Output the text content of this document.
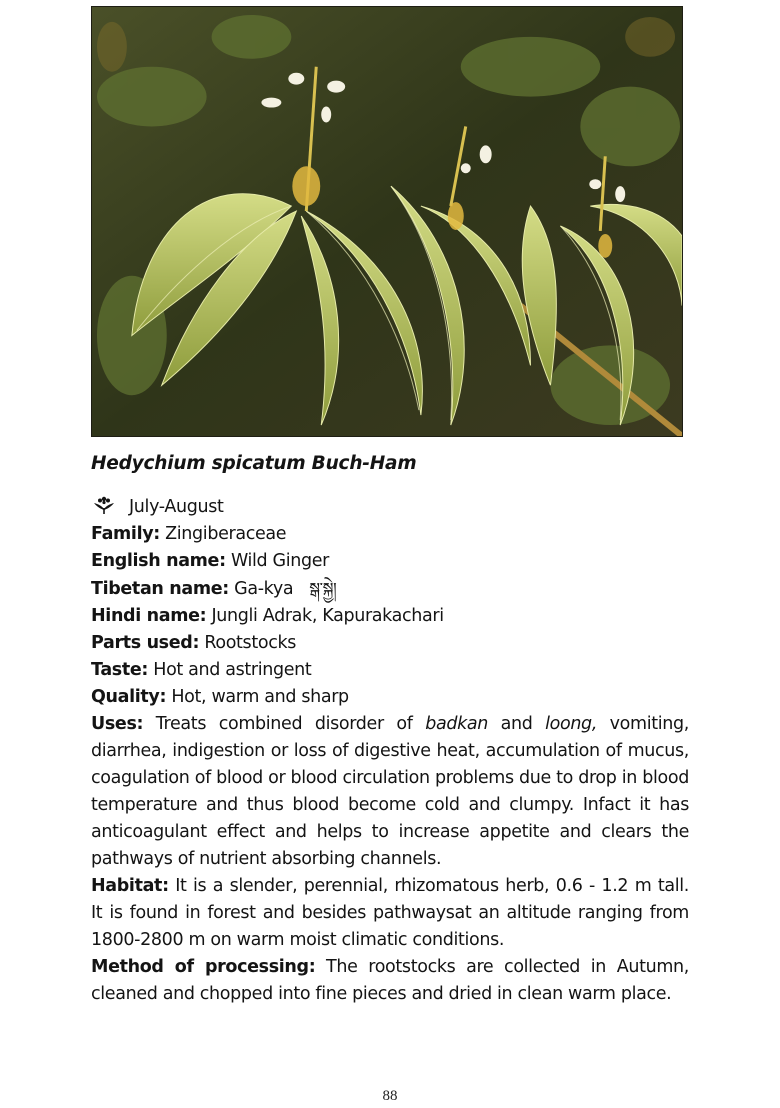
Hedychium spicatum Buch-Ham
July-August
Family: Zingiberaceae
English name: Wild Ginger
Tibetan name: Ga-kya སྒ་སྐྱེ།
Hindi name: Jungli Adrak, Kapurakachari
Parts used: Rootstocks
Taste: Hot and astringent
Quality: Hot, warm and sharp
Uses: Treats combined disorder of badkan and loong, vomiting, diarrhea, indigestion or loss of digestive heat, accumulation of mucus, coagulation of blood or blood circulation problems due to drop in blood temperature and thus blood become cold and clumpy. Infact it has anticoagulant effect and helps to increase appetite and clears the pathways of nutrient absorbing channels.
Habitat: It is a slender, perennial, rhizomatous herb, 0.6 - 1.2 m tall. It is found in forest and besides pathwaysat an altitude ranging from 1800-2800 m on warm moist climatic conditions.
Method of processing: The rootstocks are collected in Autumn, cleaned and chopped into fine pieces and dried in clean warm place.
88
